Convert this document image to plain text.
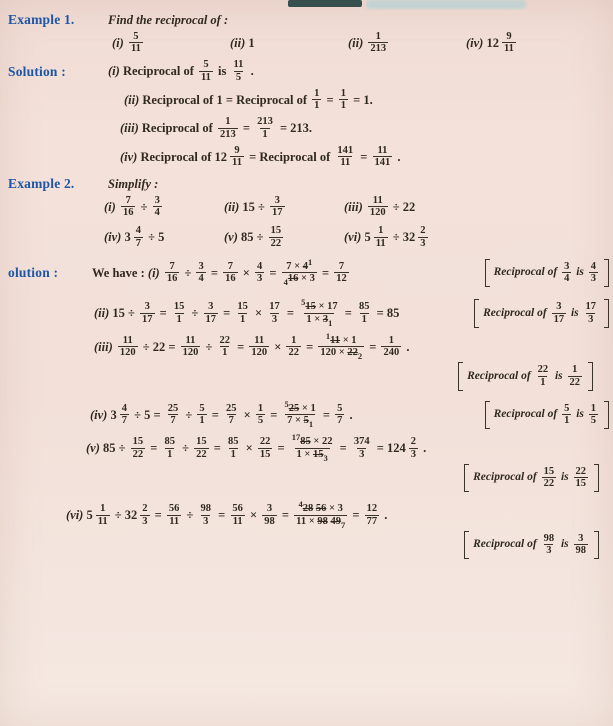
Example 1.	Find the reciprocal of :
$(i) \frac{5}{11}$	(ii) 1	$(ii) \frac{1}{213}$	(iv) $12 \frac{9}{11}$
Solution :	(i) Reciprocal of $\frac{5}{11}$ is $\frac{11}{5}$ .
(ii) Reciprocal of 1 = Reciprocal of $\frac{1}{1} = \frac{1}{1} = 1$.
(iii) Reciprocal of $\frac{1}{213} = \frac{213}{1} = 213$.
(iv) Reciprocal of $12 \frac{9}{11}$ = Reciprocal of $\frac{141}{11} = \frac{11}{141}$ .
Example 2.	Simplify :
$(i) \frac{7}{16} \div \frac{3}{4}$	(ii) $15 \div \frac{3}{17}$	$(iii) \frac{11}{120} \div 22$
(iv) $3 \frac{4}{7} \div 5$	(v) $85 \div \frac{15}{22}$	(vi) $5 \frac{1}{11} \div 32 \frac{2}{3}$
olution :	We have : $(i) \frac{7}{16} \div \frac{3}{4} = \frac{7}{16} \times \frac{4}{3} = \frac{7 \times 4 1}{4 16 \times 3} = \frac{7}{12}$	Reciprocal of $\frac{3}{4}$ is $\frac{4}{3}$
(ii) $15 \div \frac{3}{17} = \frac{15}{1} \div \frac{3}{17} = \frac{15}{1} \times \frac{17}{3} = \frac{5 15 \times 17}{1 \times 3 1} = \frac{85}{1} = 85$	Reciprocal of $\frac{3}{17}$ is $\frac{17}{3}$
$(iii) \frac{11}{120} \div 22 = \frac{11}{120} \div \frac{22}{1} = \frac{11}{120} \times \frac{1}{22} = \frac{1 11 \times 1}{120 \times 22 2} = \frac{1}{240}$ .
Reciprocal of $\frac{22}{1}$ is $\frac{1}{22}$
(iv) $3 \frac{4}{7} \div 5 = \frac{25}{7} \div \frac{5}{1} = \frac{25}{7} \times \frac{1}{5} = \frac{5 25 \times 1}{7 \times 5 1} = \frac{5}{7}$ .	Reciprocal of $\frac{5}{1}$ is $\frac{1}{5}$
(v) $85 \div \frac{15}{22} = \frac{85}{1} \div \frac{15}{22} = \frac{85}{1} \times \frac{22}{15} = \frac{17 85 \times 22}{1 \times 15 3} = \frac{374}{3} = 124 \frac{2}{3}$ .
Reciprocal of $\frac{15}{22}$ is $\frac{22}{15}$
(vi) $5 \frac{1}{11} \div 32 \frac{2}{3} = \frac{56}{11} \div \frac{98}{3} = \frac{56}{11} \times \frac{3}{98} = 4$ 28
56 × 3
11 × 98
49 $7 = \frac{12}{77}$ .
Reciprocal of $\frac{98}{3}$ is $\frac{3}{98}$
